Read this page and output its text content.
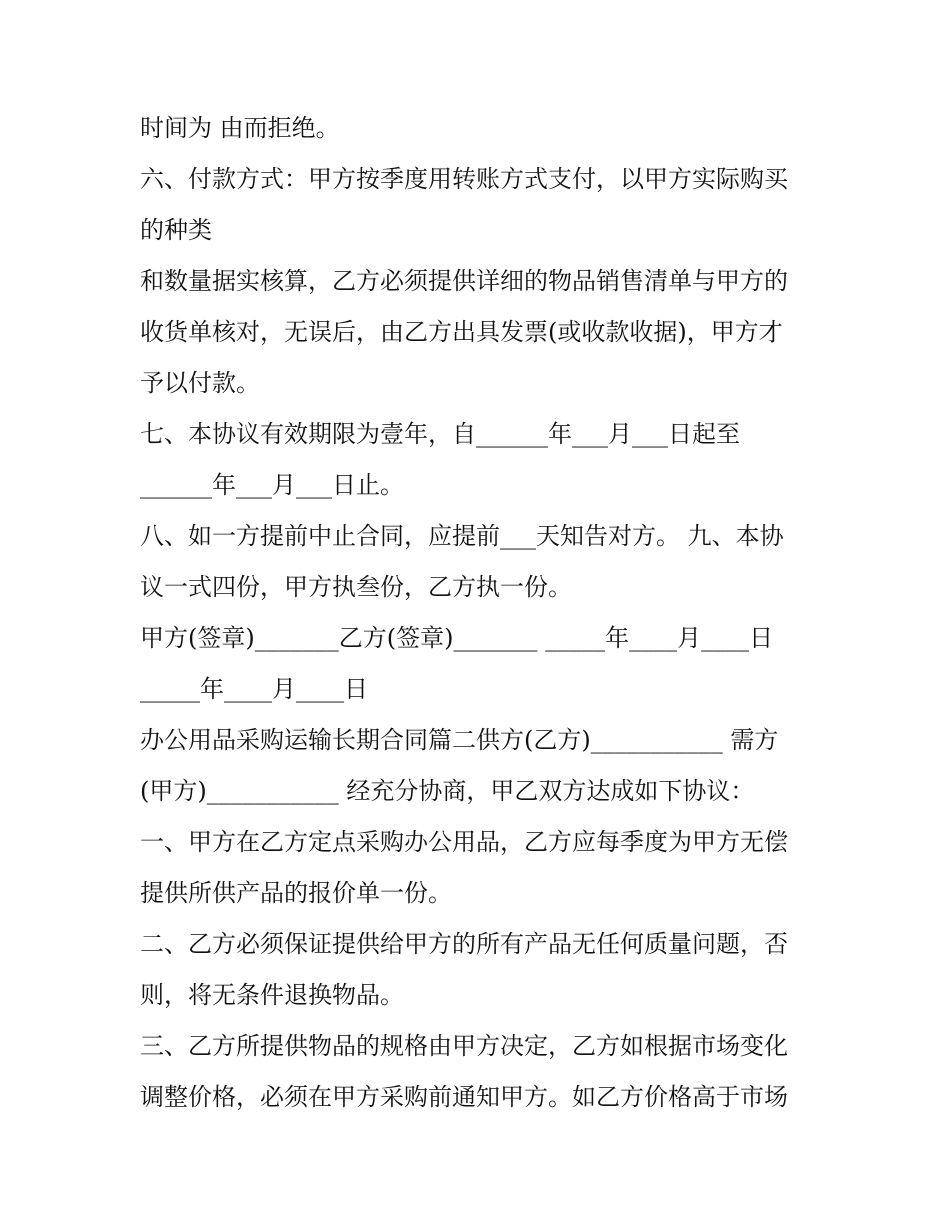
时间为 由而拒绝。
六、付款方式：甲方按季度用转账方式支付，以甲方实际购买
的种类
和数量据实核算，乙方必须提供详细的物品销售清单与甲方的
收货单核对，无误后，由乙方出具发票(或收款收据)，甲方才
予以付款。
七、本协议有效期限为壹年，自______年___月___日起至
______年___月___日止。
八、如一方提前中止合同，应提前___天知告对方。 九、本协
议一式四份，甲方执叁份，乙方执一份。
甲方(签章)_______乙方(签章)_______ _____年____月____日
_____年____月____日
办公用品采购运输长期合同篇二供方(乙方)___________ 需方
(甲方)___________ 经充分协商，甲乙双方达成如下协议：
一、甲方在乙方定点采购办公用品，乙方应每季度为甲方无偿
提供所供产品的报价单一份。
二、乙方必须保证提供给甲方的所有产品无任何质量问题，否
则，将无条件退换物品。
三、乙方所提供物品的规格由甲方决定，乙方如根据市场变化
调整价格，必须在甲方采购前通知甲方。如乙方价格高于市场
